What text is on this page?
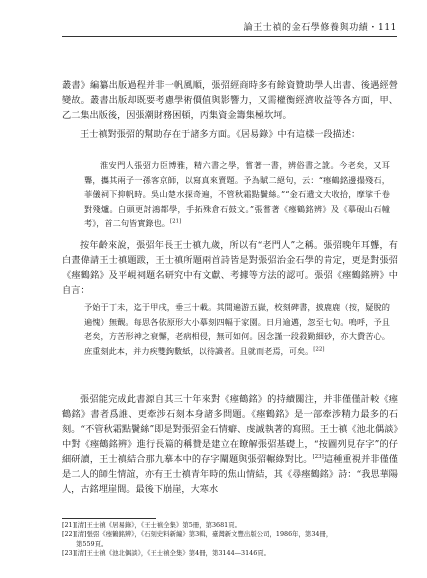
論王士禎的金石學修養與功績・111

叢書》編纂出版過程并非一帆風順，張弨經商時多有餘資贊助學人出書、後遇經營變故。叢書出版却既要考慮學術價值與影響力，又需權衡經濟收益等各方面，甲、乙二集出版後，因張潮財務困頓，丙集資金籌集極坎坷。

王士禛對張弨的幫助存在于諸多方面。《居易錄》中有這樣一段描述：

淮安門人張弨力臣博雅，精六書之學，嘗著一書，辨俗書之訛。今老矣，又耳聾，攜其兩子一孫客京師，以寫真來賣題。予為賦二絕句，云：“瘞鶴銘邊搨殘石，菲儀祠下抑帆時。吳山楚水探奇遍，不管秋霜點鬢絲。”“金石遺文大收拾，摩挲千卷對殘爐。白頭更討鴻都學，手拓殊倉石鼓文。”張嘗著《瘞鶴銘辨》及《摹硯山石幢考》，首二句皆實錄也。[21]

按年齡來說，張弨年長王士禛九歲，所以有“老門人”之稱。張弨晚年耳聾，有白晝偉請王士禛題跋，王士禛所題兩首詩皆是對張弨治金石學的肯定，更是對張弨《瘞鶴銘》及平峴祠題名研究中有文獻、考據等方法的認可。張弨《瘞鶴銘辨》中自言：

予始于丁未，迄于甲戌，垂三十載。其間遍游五嶽，校刻碑書，披鹿鹿（按，疑脫的遍愧）無覿。每思各依原形大小摹刻四幅于家園。日月逾邁，忽至七旬。嗚呼，予且老矣，方苦形神之衰懈，老病相侵，無可如何。因念謹一段殺勤細砂，亦大費苦心。庶重刻此本，并力疾雙鉤數紙，以待識者。且就而老焉，可矣。[22]

張弨能完成此書源自其三十年來對《瘞鶴銘》的持續關注，并非僅僅計較《瘞鶴銘》書者爲誰、更牽涉石刻本身諸多問題。《瘞鶴銘》是一部牽涉精力最多的石刻。“不管秋霜點鬢絲”即是對張弨金石情癖、虔誠執著的寫照。王士禛《池北偶談》中對《瘞鶴銘辨》進行長篇的稱贊是建立在瞭解張弨基礎上，“按圖列見存字”的仔細研讀，王士禛結合那九摹本中的存字闡題與張弨輾綠對比。[23]這種重視并非僅僅是二人的師生情誼，亦有王士禛青年時的焦山情結，其《尋瘞鶴銘》詩：“我思華陽人，古銘埋崖間。最後下崩崖，大寒水

[21][清]王士禛《居易錄》，《王士禛全集》第5冊，第3681頁。

[22][清]張弨《瘞鶴銘辨》，《石刻史料新編》第3輯，臺灣新文豐出版公司，1986年，第34冊，

第559頁。

[23][清]王士禛《池北偶談》，《王士禛全集》第4冊，第3144—3146頁。
